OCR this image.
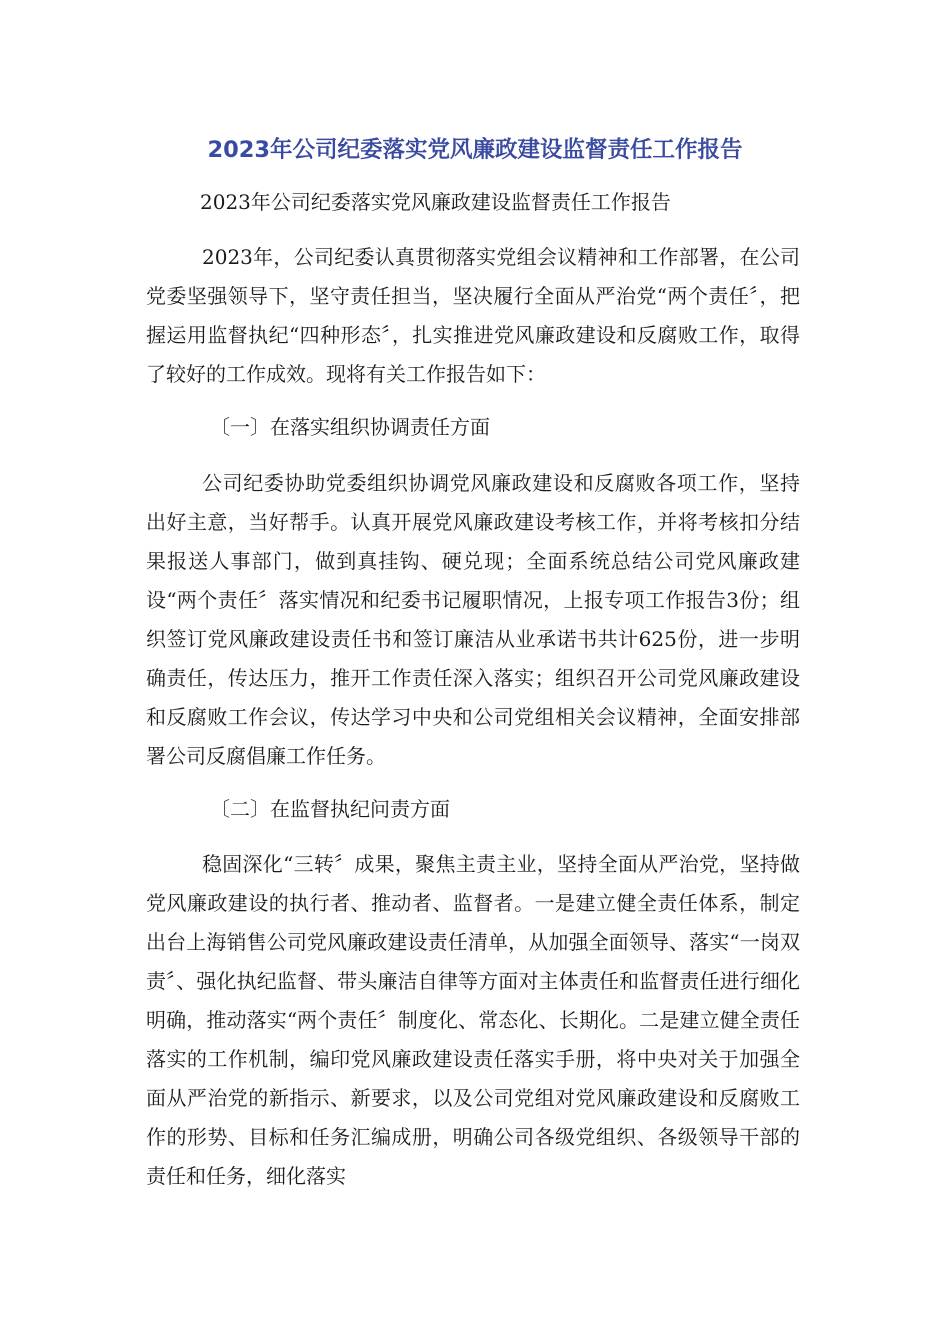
2023年公司纪委落实党风廉政建设监督责任工作报告

2023年公司纪委落实党风廉政建设监督责任工作报告

2023年，公司纪委认真贯彻落实党组会议精神和工作部署，在公司党委坚强领导下，坚守责任担当，坚决履行全面从严治党“两个责任〞，把握运用监督执纪“四种形态〞，扎实推进党风廉政建设和反腐败工作，取得了较好的工作成效。现将有关工作报告如下：

〔一〕在落实组织协调责任方面

公司纪委协助党委组织协调党风廉政建设和反腐败各项工作，坚持出好主意，当好帮手。认真开展党风廉政建设考核工作，并将考核扣分结果报送人事部门，做到真挂钩、硬兑现；全面系统总结公司党风廉政建设“两个责任〞落实情况和纪委书记履职情况，上报专项工作报告3份；组织签订党风廉政建设责任书和签订廉洁从业承诺书共计625份，进一步明确责任，传达压力，推开工作责任深入落实；组织召开公司党风廉政建设和反腐败工作会议，传达学习中央和公司党组相关会议精神，全面安排部署公司反腐倡廉工作任务。

〔二〕在监督执纪问责方面

稳固深化“三转〞成果，聚焦主责主业，坚持全面从严治党，坚持做党风廉政建设的执行者、推动者、监督者。一是建立健全责任体系，制定出台上海销售公司党风廉政建设责任清单，从加强全面领导、落实“一岗双责〞、强化执纪监督、带头廉洁自律等方面对主体责任和监督责任进行细化明确，推动落实“两个责任〞制度化、常态化、长期化。二是建立健全责任落实的工作机制，编印党风廉政建设责任落实手册，将中央对关于加强全面从严治党的新指示、新要求，以及公司党组对党风廉政建设和反腐败工作的形势、目标和任务汇编成册，明确公司各级党组织、各级领导干部的责任和任务，细化落实
